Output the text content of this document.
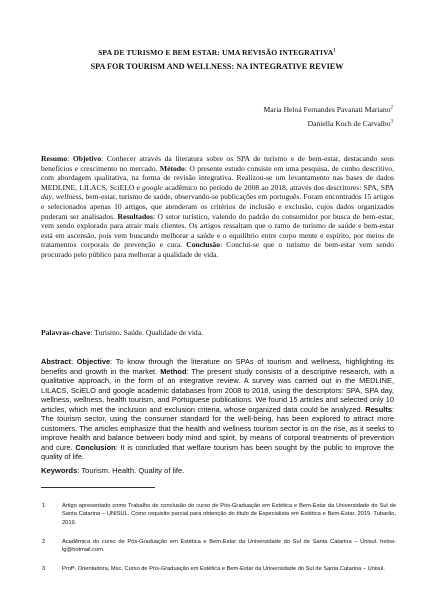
SPA DE TURISMO E BEM ESTAR: UMA REVISÃO INTEGRATIVA$^1$
SPA FOR TOURISM AND WELLNESS: NA INTEGRATIVE REVIEW
Maria Heloá Fernandes Pavanati Mariano$^2$
Daniella Koch de Carvalho$^3$
Resumo: Objetivo: Conhecer através da literatura sobre os SPA de turismo e de bem-estar, destacando seus benefícios e crescimento no mercado. Método: O presente estudo consiste em uma pesquisa, de cunho descritivo, com abordagem qualitativa, na forma de revisão integrativa. Realizou-se um levantamento nas bases de dados MEDLINE, LILACS, SciELO e google acadêmico no período de 2008 ao 2018, através dos descritores: SPA, SPA day, wellness, bem-estar, turismo de saúde, observando-se publicações em português. Foram encontrados 15 artigos e selecionados apenas 10 artigos, que atenderam os critérios de inclusão e exclusão, cujos dados organizados puderam ser analisados. Resultados: O setor turístico, valendo do padrão do consumidor por busca de bem-estar, vem sendo explorado para atrair mais clientes. Os artigos ressaltam que o ramo de turismo de saúde e bem-estar está em ascensão, pois vem buscando melhorar a saúde e o equilíbrio entre corpo mente e espírito, por meios de tratamentos corporais de prevenção e cura. Conclusão: Conclui-se que o turismo de bem-estar vem sendo procurado pelo público para melhorar a qualidade de vida.
Palavras-chave: Turismo. Saúde. Qualidade de vida.
Abstract: Objective: To know through the literature on SPAs of tourism and wellness, highlighting its benefits and growth in the market. Method: The present study consists of a descriptive research, with a qualitative approach, in the form of an integrative review. A survey was carried out in the MEDLINE, LILACS, SciELO and google academic databases from 2008 to 2018, using the descriptors: SPA, SPA day, wellness, wellness, health tourism, and Portuguese publications. We found 15 articles and selected only 10 articles, which met the inclusion and exclusion criteria, whose organized data could be analyzed. Results: The tourism sector, using the consumer standard for the well-being, has been explored to attract more customers. The articles emphasize that the health and wellness tourism sector is on the rise, as it seeks to improve health and balance between body mind and spirit, by means of corporal treatments of prevention and cure. Conclusion: It is concluded that welfare tourism has been sought by the public to improve the quality of life.
Keywords: Tourism. Health. Quality of life.
1	Artigo apresentado como Trabalho de conclusão do curso de Pós-Graduação em Estética e Bem-Estar da Universidade do Sul de Santa Catarina – UNISUL. Como requisito parcial para obtenção do título de Especialista em Estética e Bem-Estar. 2019. Tubarão, 2019.
2	Acadêmica do curso de Pós-Graduação em Estética e Bem-Estar da Universidade do Sul de Santa Catarina – Unisul. heloa-lg@hotmail.com.
3	Profª. Orientadora, Msc. Curso de Pós-Graduação em Estética e Bem-Estar da Universidade do Sul de Santa Catarina – Unisul.
